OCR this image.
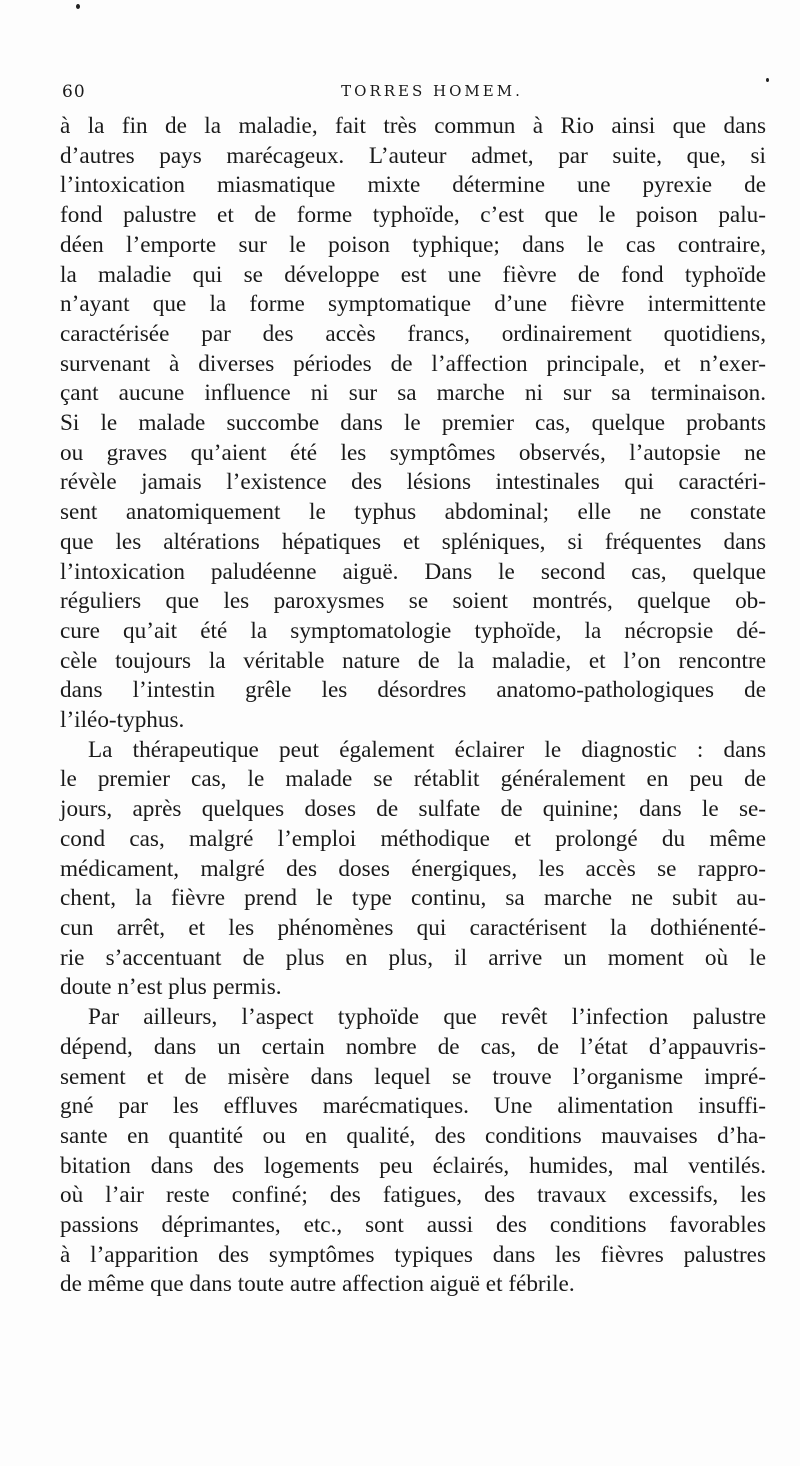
60	TORRES HOMEM.
à la fin de la maladie, fait très commun à Rio ainsi que dans
d’autres pays marécageux. L’auteur admet, par suite, que, si
l’intoxication miasmatique mixte détermine une pyrexie de
fond palustre et de forme typhoïde, c’est que le poison palu-
déen l’emporte sur le poison typhique; dans le cas contraire,
la maladie qui se développe est une fièvre de fond typhoïde
n’ayant que la forme symptomatique d’une fièvre intermittente
caractérisée par des accès francs, ordinairement quotidiens,
survenant à diverses périodes de l’affection principale, et n’exer-
çant aucune influence ni sur sa marche ni sur sa terminaison.
Si le malade succombe dans le premier cas, quelque probants
ou graves qu’aient été les symptômes observés, l’autopsie ne
révèle jamais l’existence des lésions intestinales qui caractéri-
sent anatomiquement le typhus abdominal; elle ne constate
que les altérations hépatiques et spléniques, si fréquentes dans
l’intoxication paludéenne aiguë. Dans le second cas, quelque
réguliers que les paroxysmes se soient montrés, quelque ob-
cure qu’ait été la symptomatologie typhoïde, la nécropsie dé-
cèle toujours la véritable nature de la maladie, et l’on rencontre
dans l’intestin grêle les désordres anatomo-pathologiques de
l’iléo-typhus.
La thérapeutique peut également éclairer le diagnostic : dans
le premier cas, le malade se rétablit généralement en peu de
jours, après quelques doses de sulfate de quinine; dans le se-
cond cas, malgré l’emploi méthodique et prolongé du même
médicament, malgré des doses énergiques, les accès se rappro-
chent, la fièvre prend le type continu, sa marche ne subit au-
cun arrêt, et les phénomènes qui caractérisent la dothiénenté-
rie s’accentuant de plus en plus, il arrive un moment où le
doute n’est plus permis.
Par ailleurs, l’aspect typhoïde que revêt l’infection palustre
dépend, dans un certain nombre de cas, de l’état d’appauvris-
sement et de misère dans lequel se trouve l’organisme impré-
gné par les effluves marécmatiques. Une alimentation insuffi-
sante en quantité ou en qualité, des conditions mauvaises d’ha-
bitation dans des logements peu éclairés, humides, mal ventilés.
où l’air reste confiné; des fatigues, des travaux excessifs, les
passions déprimantes, etc., sont aussi des conditions favorables
à l’apparition des symptômes typiques dans les fièvres palustres
de même que dans toute autre affection aiguë et fébrile.
